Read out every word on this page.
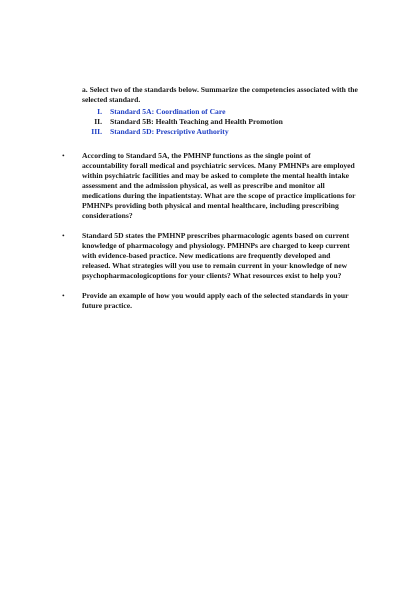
a. Select two of the standards below. Summarize the competencies associated with the selected standard.

I.	Standard 5A: Coordination of Care
II.	Standard 5B: Health Teaching and Health Promotion
III.	Standard 5D: Prescriptive Authority
•	According to Standard 5A, the PMHNP functions as the single point of accountability forall medical and psychiatric services. Many PMHNPs are employed within psychiatric facilities and may be asked to complete the mental health intake assessment and the admission physical, as well as prescribe and monitor all medications during the inpatientstay. What are the scope of practice implications for PMHNPs providing both physical and mental healthcare, including prescribing considerations?
•	Standard 5D states the PMHNP prescribes pharmacologic agents based on current knowledge of pharmacology and physiology. PMHNPs are charged to keep current with evidence-based practice. New medications are frequently developed and released. What strategies will you use to remain current in your knowledge of new psychopharmacologicoptions for your clients? What resources exist to help you?
•	Provide an example of how you would apply each of the selected standards in your future practice.
